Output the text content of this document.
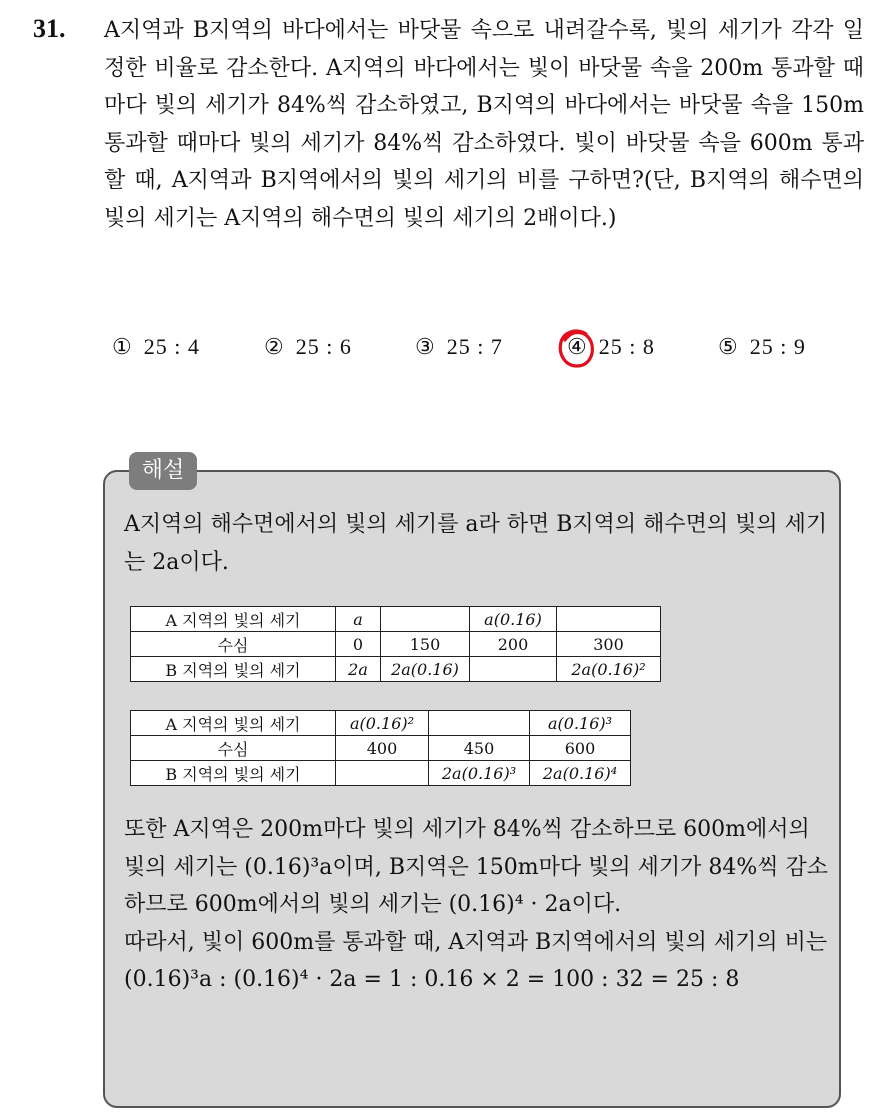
31. A지역과 B지역의 바다에서는 바닷물 속으로 내려갈수록, 빛의 세기가 각각 일정한 비율로 감소한다. A지역의 바다에서는 빛이 바닷물 속을 200m 통과할 때마다 빛의 세기가 84%씩 감소하였고, B지역의 바다에서는 바닷물 속을 150m 통과할 때마다 빛의 세기가 84%씩 감소하였다. 빛이 바닷물 속을 600m 통과할 때, A지역과 B지역에서의 빛의 세기의 비를 구하면?(단, B지역의 해수면의 빛의 세기는 A지역의 해수면의 빛의 세기의 2배이다.)

① 25 : 4	② 25 : 6	③ 25 : 7	④ 25 : 8	⑤ 25 : 9
해설

A지역의 해수면에서의 빛의 세기를 a라 하면 B지역의 해수면의 빛의 세기는 2a이다.

A 지역의 빛의 세기	a		a(0.16)	
수심	0	150	200	300
B 지역의 빛의 세기	2a	2a(0.16)		2a(0.16)²
A 지역의 빛의 세기	a(0.16)²		a(0.16)³
수심	400	450	600
B 지역의 빛의 세기		2a(0.16)³	2a(0.16)⁴

또한 A지역은 200m마다 빛의 세기가 84%씩 감소하므로 600m에서의 빛의 세기는 (0.16)³a이며, B지역은 150m마다 빛의 세기가 84%씩 감소하므로 600m에서의 빛의 세기는 (0.16)⁴ · 2a이다.

따라서, 빛이 600m를 통과할 때, A지역과 B지역에서의 빛의 세기의 비는

(0.16)³a : (0.16)⁴ · 2a = 1 : 0.16 × 2 = 100 : 32 = 25 : 8
